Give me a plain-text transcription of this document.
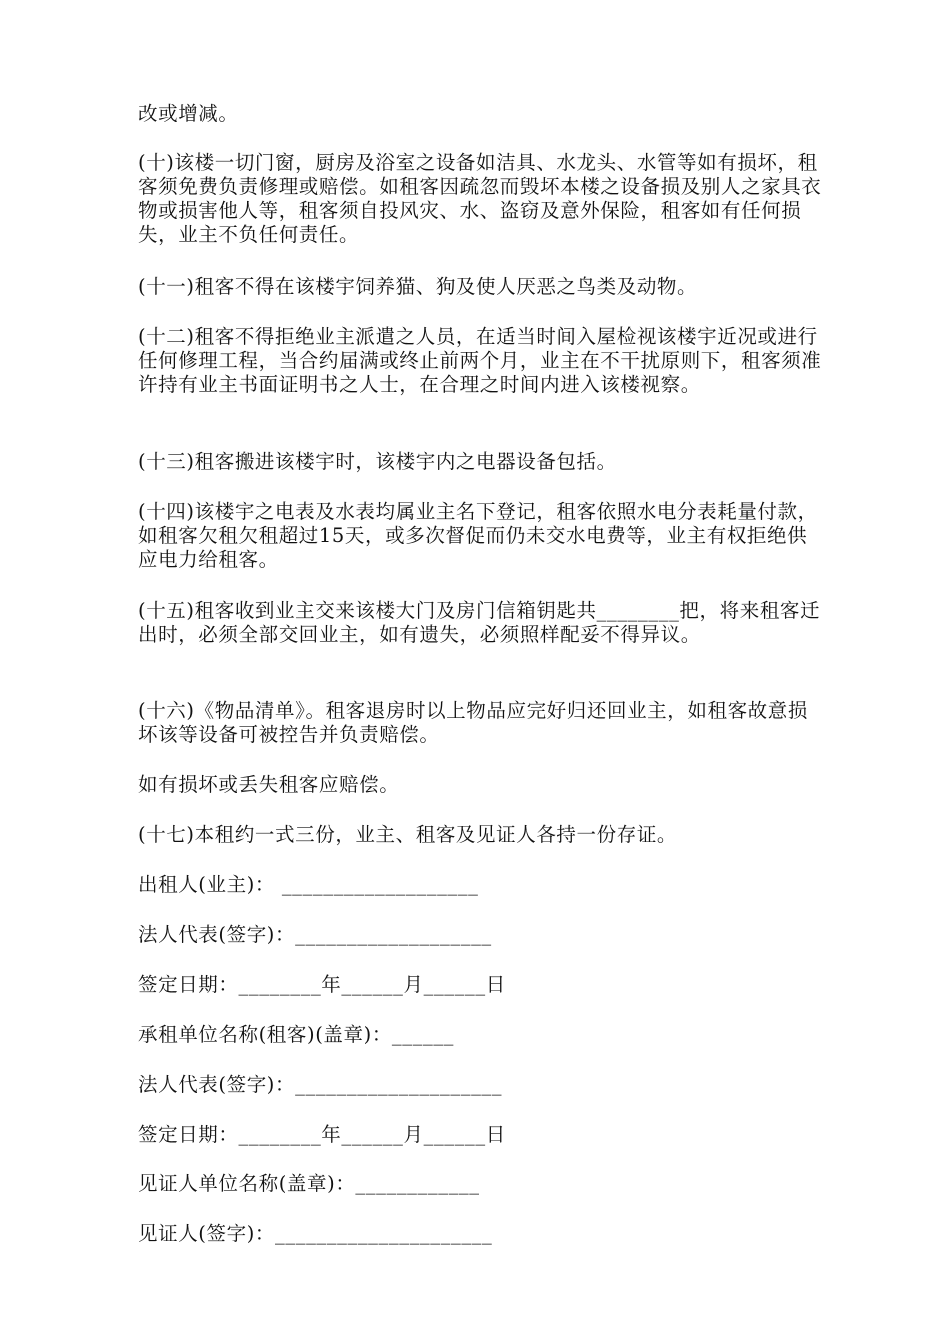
改或增减。

(十)该楼一切门窗，厨房及浴室之设备如洁具、水龙头、水管等如有损坏，租客须免费负责修理或赔偿。如租客因疏忽而毁坏本楼之设备损及别人之家具衣物或损害他人等，租客须自投风灾、水、盗窃及意外保险，租客如有任何损失，业主不负任何责任。

(十一)租客不得在该楼宇饲养猫、狗及使人厌恶之鸟类及动物。

(十二)租客不得拒绝业主派遣之人员，在适当时间入屋检视该楼宇近况或进行任何修理工程，当合约届满或终止前两个月，业主在不干扰原则下，租客须准许持有业主书面证明书之人士，在合理之时间内进入该楼视察。

(十三)租客搬进该楼宇时，该楼宇内之电器设备包括。

(十四)该楼宇之电表及水表均属业主名下登记，租客依照水电分表耗量付款，如租客欠租欠租超过15天，或多次督促而仍未交水电费等，业主有权拒绝供应电力给租客。

(十五)租客收到业主交来该楼大门及房门信箱钥匙共________把，将来租客迁出时，必须全部交回业主，如有遗失，必须照样配妥不得异议。

(十六)《物品清单》。租客退房时以上物品应完好归还回业主，如租客故意损坏该等设备可被控告并负责赔偿。

如有损坏或丢失租客应赔偿。

(十七)本租约一式三份，业主、租客及见证人各持一份存证。

出租人(业主)： ___________________

法人代表(签字)：___________________

签定日期：________年______月______日

承租单位名称(租客)(盖章)：______

法人代表(签字)：____________________

签定日期：________年______月______日

见证人单位名称(盖章)：____________

见证人(签字)：_____________________
